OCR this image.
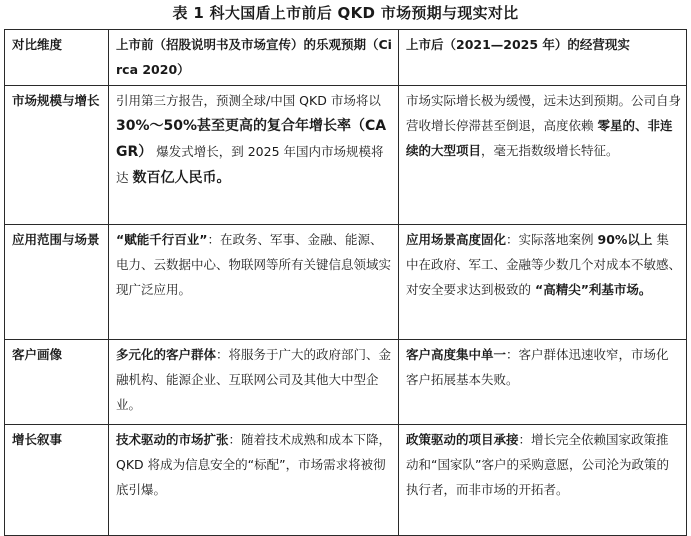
表 1 科大国盾上市前后 QKD 市场预期与现实对比
对比维度	上市前（招股说明书及市场宣传）的乐观预期（Circa 2020）	上市后（2021—2025 年）的经营现实
市场规模与增长	引用第三方报告，预测全球/中国 QKD 市场将以 30%～50%甚至更高的复合年增长率（CAGR） 爆发式增长，到 2025 年国内市场规模将达 数百亿人民币。	市场实际增长极为缓慢，远未达到预期。公司自身营收增长停滞甚至倒退，高度依赖 零星的、非连续的大型项目，毫无指数级增长特征。
应用范围与场景	“赋能千行百业”：在政务、军事、金融、能源、电力、云数据中心、物联网等所有关键信息领域实现广泛应用。	应用场景高度固化：实际落地案例 90%以上 集中在政府、军工、金融等少数几个对成本不敏感、对安全要求达到极致的 “高精尖”利基市场。
客户画像	多元化的客户群体：将服务于广大的政府部门、金融机构、能源企业、互联网公司及其他大中型企业。	客户高度集中单一：客户群体迅速收窄，市场化客户拓展基本失败。
增长叙事	技术驱动的市场扩张：随着技术成熟和成本下降，QKD 将成为信息安全的“标配”，市场需求将被彻底引爆。	政策驱动的项目承接：增长完全依赖国家政策推动和“国家队”客户的采购意愿，公司沦为政策的执行者，而非市场的开拓者。
